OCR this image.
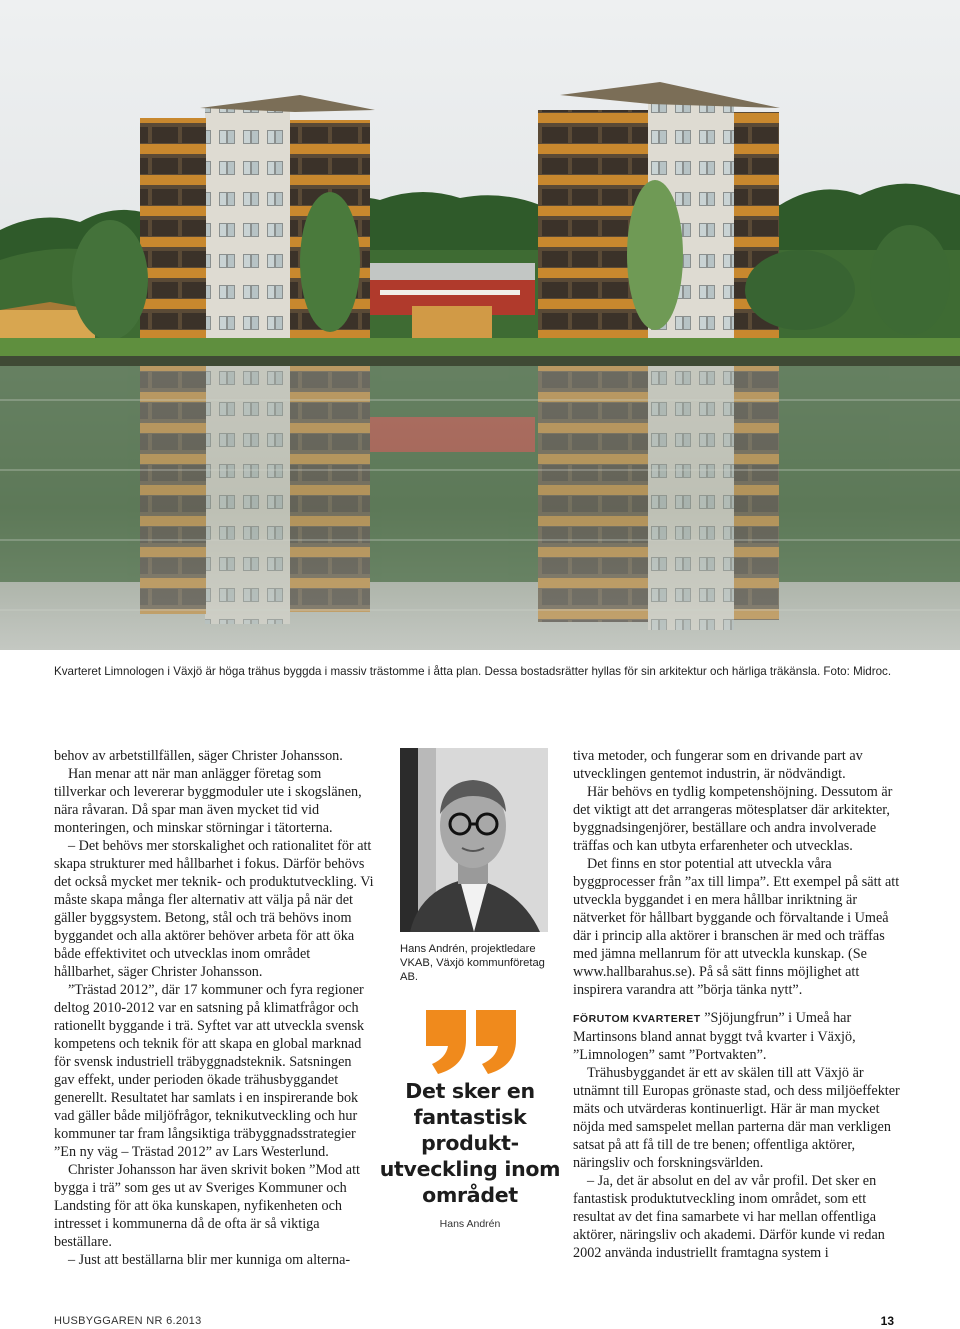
Kvarteret Limnologen i Växjö är höga trähus byggda i massiv trästomme i åtta plan. Dessa bostadsrätter hyllas för sin arkitektur och härliga träkänsla. Foto: Midroc.

behov av arbetstillfällen, säger Christer Johansson.

Han menar att när man anlägger företag som tillverkar och levererar byggmoduler ute i skogslänen, nära råvaran. Då spar man även mycket tid vid monteringen, och minskar störningar i tätorterna.

– Det behövs mer storskalighet och rationalitet för att skapa strukturer med hållbarhet i fokus. Därför behövs det också mycket mer teknik- och produktutveckling. Vi måste skapa många fler alternativ att välja på när det gäller byggsystem. Betong, stål och trä behövs inom byggandet och alla aktörer behöver arbeta för att öka både effektivitet och utvecklas inom området hållbarhet, säger Christer Johansson.

”Trästad 2012”, där 17 kommuner och fyra regioner deltog 2010-2012 var en satsning på klimatfrågor och rationellt byggande i trä. Syftet var att utveckla svensk kompetens och teknik för att skapa en global marknad för svensk industriell träbyggnadsteknik. Satsningen gav effekt, under perioden ökade trähusbyggandet generellt. Resultatet har samlats i en inspirerande bok vad gäller både miljöfrågor, teknikutveckling och hur kommuner tar fram långsiktiga träbyggnadsstrategier ”En ny väg – Trästad 2012” av Lars Westerlund.

Christer Johansson har även skrivit boken ”Mod att bygga i trä” som ges ut av Sveriges Kommuner och Landsting för att öka kunskapen, nyfikenheten och intresset i kommunerna då de ofta är så viktiga beställare.

– Just att beställarna blir mer kunniga om alterna-

Hans Andrén, projektledare VKAB, Växjö kommunföretag AB.
Det sker en fantastisk produkt-utveckling inom området
Hans Andrén

tiva metoder, och fungerar som en drivande part av utvecklingen gentemot industrin, är nödvändigt.

Här behövs en tydlig kompetenshöjning. Dessutom är det viktigt att det arrangeras mötesplatser där arkitekter, byggnadsingenjörer, beställare och andra involverade träffas och kan utbyta erfarenheter och utvecklas.

Det finns en stor potential att utveckla våra byggprocesser från ”ax till limpa”. Ett exempel på sätt att utveckla byggandet i en mera hållbar inriktning är nätverket för hållbart byggande och förvaltande i Umeå där i princip alla aktörer i branschen är med och träffas med jämna mellanrum för att utveckla kunskap. (Se www.hallbarahus.se). På så sätt finns möjlighet att inspirera varandra att ”börja tänka nytt”.

FÖRUTOM KVARTERET ”Sjöjungfrun” i Umeå har Martinsons bland annat byggt två kvarter i Växjö, ”Limnologen” samt ”Portvakten”.

Trähusbyggandet är ett av skälen till att Växjö är utnämnt till Europas grönaste stad, och dess miljöeffekter mäts och utvärderas kontinuerligt. Här är man mycket nöjda med samspelet mellan parterna där man verkligen satsat på att få till de tre benen; offentliga aktörer, näringsliv och forskningsvärlden.

– Ja, det är absolut en del av vår profil. Det sker en fantastisk produktutveckling inom området, som ett resultat av det fina samarbete vi har mellan offentliga aktörer, näringsliv och akademi. Därför kunde vi redan 2002 använda industriellt framtagna system i

HUSBYGGAREN NR 6.2013	13
